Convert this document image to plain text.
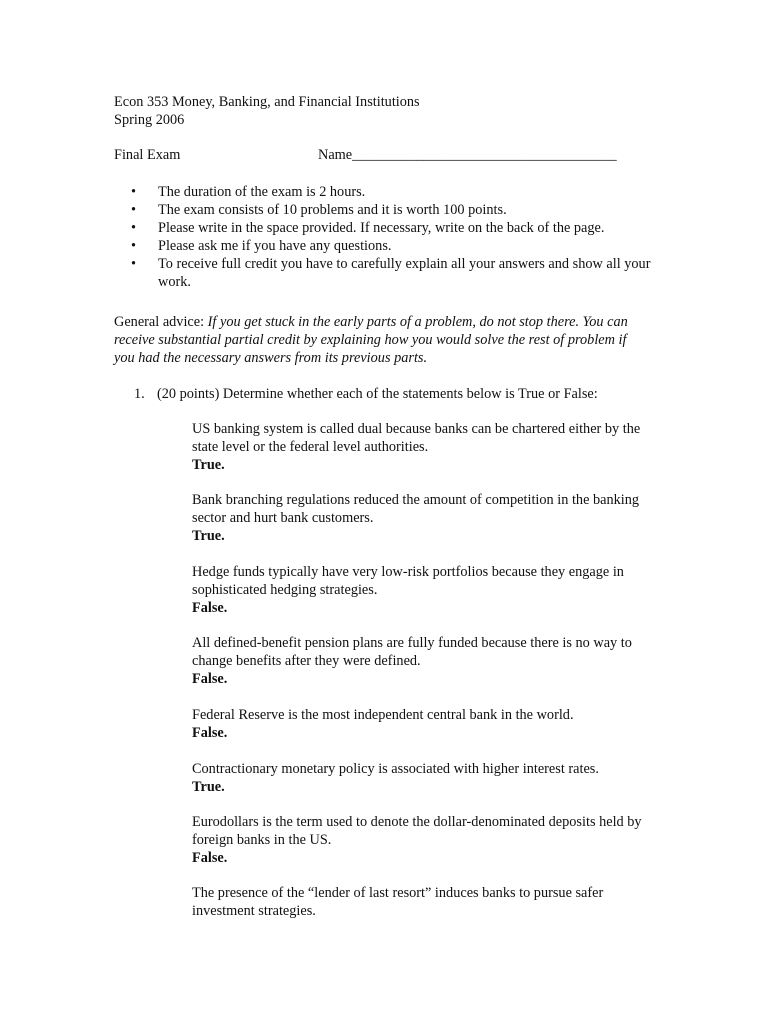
Econ 353 Money, Banking, and Financial Institutions
Spring 2006
Final Exam	Name_____________________________________
• The duration of the exam is 2 hours.
• The exam consists of 10 problems and it is worth 100 points.
• Please write in the space provided. If necessary, write on the back of the page.
• Please ask me if you have any questions.
• To receive full credit you have to carefully explain all your answers and show all your work.
General advice: If you get stuck in the early parts of a problem, do not stop there. You can receive substantial partial credit by explaining how you would solve the rest of problem if you had the necessary answers from its previous parts.
1. (20 points) Determine whether each of the statements below is True or False:
US banking system is called dual because banks can be chartered either by the state level or the federal level authorities.
True.
Bank branching regulations reduced the amount of competition in the banking sector and hurt bank customers.
True.
Hedge funds typically have very low-risk portfolios because they engage in sophisticated hedging strategies.
False.
All defined-benefit pension plans are fully funded because there is no way to change benefits after they were defined.
False.
Federal Reserve is the most independent central bank in the world.
False.
Contractionary monetary policy is associated with higher interest rates.
True.
Eurodollars is the term used to denote the dollar-denominated deposits held by foreign banks in the US.
False.
The presence of the “lender of last resort” induces banks to pursue safer investment strategies.
